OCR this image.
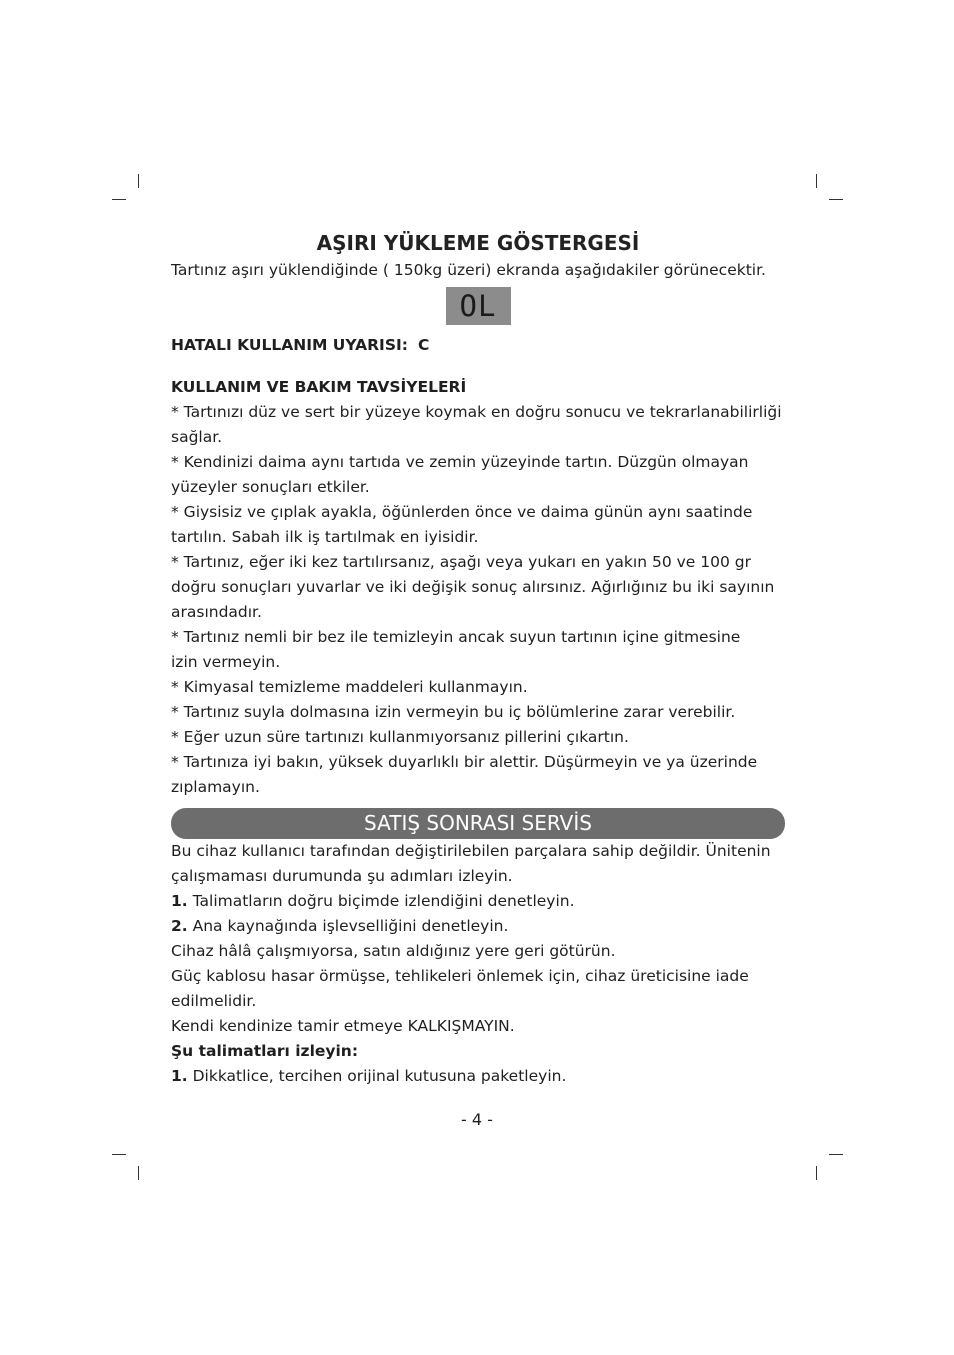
AŞIRI YÜKLEME GÖSTERGESİ

Tartınız aşırı yüklendiğinde ( 150kg üzeri) ekranda aşağıdakiler görünecektir.

OL
HATALI KULLANIM UYARISI: C
KULLANIM VE BAKIM TAVSİYELERİ

* Tartınızı düz ve sert bir yüzeye koymak en doğru sonucu ve tekrarlanabilirliği

sağlar.

* Kendinizi daima aynı tartıda ve zemin yüzeyinde tartın. Düzgün olmayan

yüzeyler sonuçları etkiler.

* Giysisiz ve çıplak ayakla, öğünlerden önce ve daima günün aynı saatinde

tartılın. Sabah ilk iş tartılmak en iyisidir.

* Tartınız, eğer iki kez tartılırsanız, aşağı veya yukarı en yakın 50 ve 100 gr

doğru sonuçları yuvarlar ve iki değişik sonuç alırsınız. Ağırlığınız bu iki sayının

arasındadır.

* Tartınız nemli bir bez ile temizleyin ancak suyun tartının içine gitmesine

izin vermeyin.

* Kimyasal temizleme maddeleri kullanmayın.

* Tartınız suyla dolmasına izin vermeyin bu iç bölümlerine zarar verebilir.

* Eğer uzun süre tartınızı kullanmıyorsanız pillerini çıkartın.

* Tartınıza iyi bakın, yüksek duyarlıklı bir alettir. Düşürmeyin ve ya üzerinde

zıplamayın.

SATIŞ SONRASI SERVİS

Bu cihaz kullanıcı tarafından değiştirilebilen parçalara sahip değildir. Ünitenin

çalışmaması durumunda şu adımları izleyin.

1. Talimatların doğru biçimde izlendiğini denetleyin.

2. Ana kaynağında işlevselliğini denetleyin.

Cihaz hâlâ çalışmıyorsa, satın aldığınız yere geri götürün.

Güç kablosu hasar örmüşse, tehlikeleri önlemek için, cihaz üreticisine iade

edilmelidir.

Kendi kendinize tamir etmeye KALKIŞMAYIN.

Şu talimatları izleyin:

1. Dikkatlice, tercihen orijinal kutusuna paketleyin.

- 4 -
